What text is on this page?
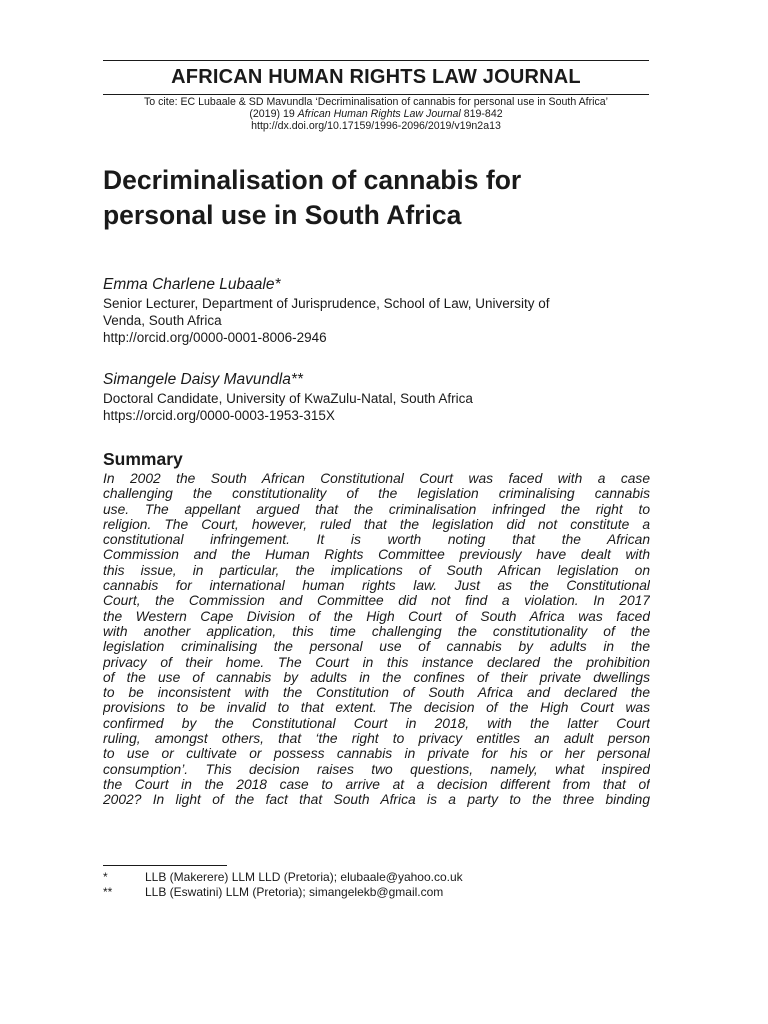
AFRICAN HUMAN RIGHTS LAW JOURNAL
To cite: EC Lubaale & SD Mavundla ‘Decriminalisation of cannabis for personal use in South Africa’
(2019) 19 African Human Rights Law Journal 819-842
http://dx.doi.org/10.17159/1996-2096/2019/v19n2a13
Decriminalisation of cannabis for
personal use in South Africa
Emma Charlene Lubaale*
Senior Lecturer, Department of Jurisprudence, School of Law, University of
Venda, South Africa
http://orcid.org/0000-0001-8006-2946
Simangele Daisy Mavundla**
Doctoral Candidate, University of KwaZulu-Natal, South Africa
https://orcid.org/0000-0003-1953-315X
Summary
In 2002 the South African Constitutional Court was faced with a case
challenging the constitutionality of the legislation criminalising cannabis
use. The appellant argued that the criminalisation infringed the right to
religion. The Court, however, ruled that the legislation did not constitute a
constitutional infringement. It is worth noting that the African
Commission and the Human Rights Committee previously have dealt with
this issue, in particular, the implications of South African legislation on
cannabis for international human rights law. Just as the Constitutional
Court, the Commission and Committee did not find a violation. In 2017
the Western Cape Division of the High Court of South Africa was faced
with another application, this time challenging the constitutionality of the
legislation criminalising the personal use of cannabis by adults in the
privacy of their home. The Court in this instance declared the prohibition
of the use of cannabis by adults in the confines of their private dwellings
to be inconsistent with the Constitution of South Africa and declared the
provisions to be invalid to that extent. The decision of the High Court was
confirmed by the Constitutional Court in 2018, with the latter Court
ruling, amongst others, that ‘the right to privacy entitles an adult person
to use or cultivate or possess cannabis in private for his or her personal
consumption’. This decision raises two questions, namely, what inspired
the Court in the 2018 case to arrive at a decision different from that of
2002? In light of the fact that South Africa is a party to the three binding
*	LLB (Makerere) LLM LLD (Pretoria); elubaale@yahoo.co.uk
**	LLB (Eswatini) LLM (Pretoria); simangelekb@gmail.com
